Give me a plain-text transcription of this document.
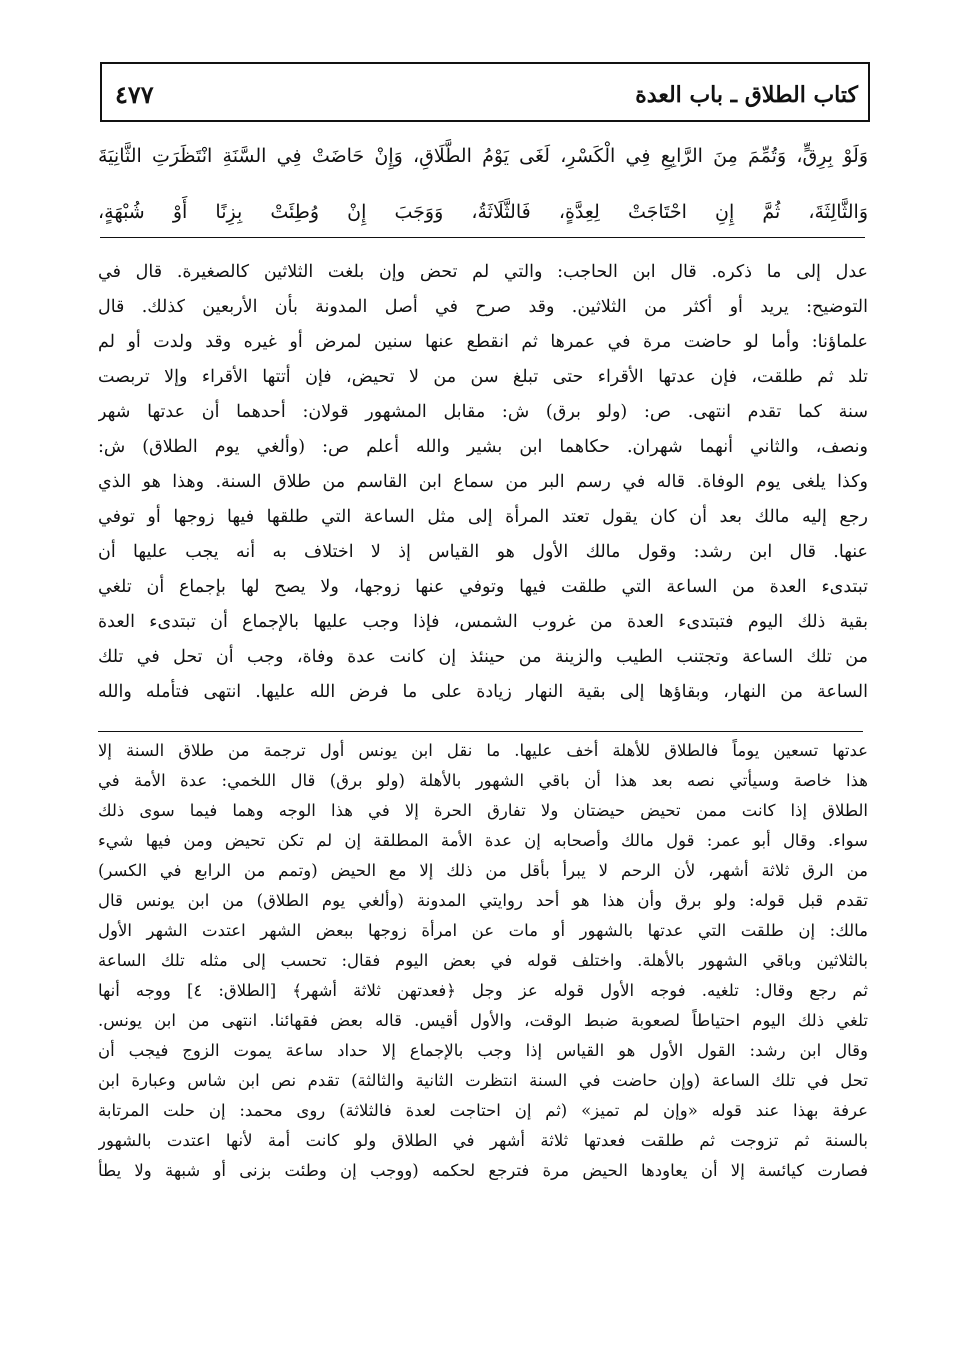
كتاب الطلاق ـ باب العدة
٤٧٧
وَلَوْ بِرِقٍّ، وَتُمِّمَ مِنَ الرَّابِعِ فِي الْكَسْرِ، لَغَى يَوْمُ الطَّلَاقِ، وَإِنْ حَاضَتْ فِي السَّنَةِ انْتَظَرَتِ الثَّانِيَةَ
وَالثَّالِثَةَ، ثُمَّ إِنِ احْتَاجَتْ لِعِدَّةٍ، فَالثَّلَاثَةُ، وَوَجَبَ إِنْ وُطِئَتْ بِزِنًا أَوْ شُبْهَةٍ،
عدل إلى ما ذكره. قال ابن الحاجب: والتي لم تحض وإن بلغت الثلاثين كالصغيرة. قال في
التوضيح: يريد أو أكثر من الثلاثين. وقد صرح في أصل المدونة بأن الأربعين كذلك. قال
علماؤنا: وأما لو حاضت مرة في عمرها ثم انقطع عنها سنين لمرض أو غيره وقد ولدت أو لم
تلد ثم طلقت، فإن عدتها الأقراء حتى تبلغ سن من لا تحيض، فإن أتتها الأقراء وإلا تربصت
سنة كما تقدم انتهى. ص: (ولو برق) ش: مقابل المشهور قولان: أحدهما أن عدتها شهر
ونصف، والثاني أنهما شهران. حكاهما ابن بشير والله أعلم ص: (وألغي يوم الطلاق) ش:
وكذا يلغى يوم الوفاة. قاله في رسم البر من سماع ابن القاسم من طلاق السنة. وهذا هو الذي
رجع إليه مالك بعد أن كان يقول تعتد المرأة إلى مثل الساعة التي طلقها فيها زوجها أو توفي
عنها. قال ابن رشد: وقول مالك الأول هو القياس إذ لا اختلاف به أنه يجب عليها أن
تبتدىء العدة من الساعة التي طلقت فيها وتوفي عنها زوجها، ولا يصح لها بإجماع أن تلغي
بقية ذلك اليوم فتبتدىء العدة من غروب الشمس، فإذا وجب عليها بالإجماع أن تبتدىء العدة
من تلك الساعة وتجتنب الطيب والزينة من حينئذ إن كانت عدة وفاة، وجب أن تحل في تلك
الساعة من النهار، وبقاؤها إلى بقية النهار زيادة على ما فرض الله عليها. انتهى فتأمله والله
عدتها تسعين يوماً فالطلاق للأهلة أخف عليها. ما نقل ابن يونس أول ترجمة من طلاق السنة إلا
هذا خاصة وسيأتي نصه بعد هذا أن باقي الشهور بالأهلة (ولو برق) قال اللخمي: عدة الأمة في
الطلاق إذا كانت ممن تحيض حيضتان ولا تفارق الحرة إلا في هذا الوجه وهما فيما سوى ذلك
سواء. وقال أبو عمر: قول مالك وأصحابه إن عدة الأمة المطلقة إن لم تكن تحيض ومن فيها شيء
من الرق ثلاثة أشهر، لأن الرحم لا يبرأ بأقل من ذلك إلا مع الحيض (وتمم من الرابع في الكسر)
تقدم قبل قوله: ولو برق وأن هذا هو أحد روايتي المدونة (وألغي يوم الطلاق) من ابن يونس قال
مالك: إن طلقت التي عدتها بالشهور أو مات عن امرأة زوجها ببعض الشهر اعتدت الشهر الأول
بالثلاثين وباقي الشهور بالأهلة. واختلف قوله في بعض اليوم فقال: تحسب إلى مثله تلك الساعة
ثم رجع وقال: تلغيه. فوجه الأول قوله عز وجل ﴿فعدتهن ثلاثة أشهر﴾ [الطلاق: ٤] ووجه أنها
تلغي ذلك اليوم احتياطاً لصعوبة ضبط الوقت، والأول أقيس. قاله بعض فقهائنا. انتهى من ابن يونس.
وقال ابن رشد: القول الأول هو القياس إذا وجب بالإجماع إلا حداد ساعة يموت الزوج فيجب أن
تحل في تلك الساعة (وإن حاضت في السنة انتظرت الثانية والثالثة) تقدم نص ابن شاس وعبارة ابن
عرفة بهذا عند قوله «وإن لم تميز» (ثم إن احتاجت لعدة فالثلاثة) روى محمد: إن حلت المرتابة
بالسنة ثم تزوجت ثم طلقت فعدتها ثلاثة أشهر في الطلاق ولو كانت أمة لأنها اعتدت بالشهور
فصارت كيائسة إلا أن يعاودها الحيض مرة فترجع لحكمه (ووجب إن وطئت بزنى أو شبهة ولا يطأ
